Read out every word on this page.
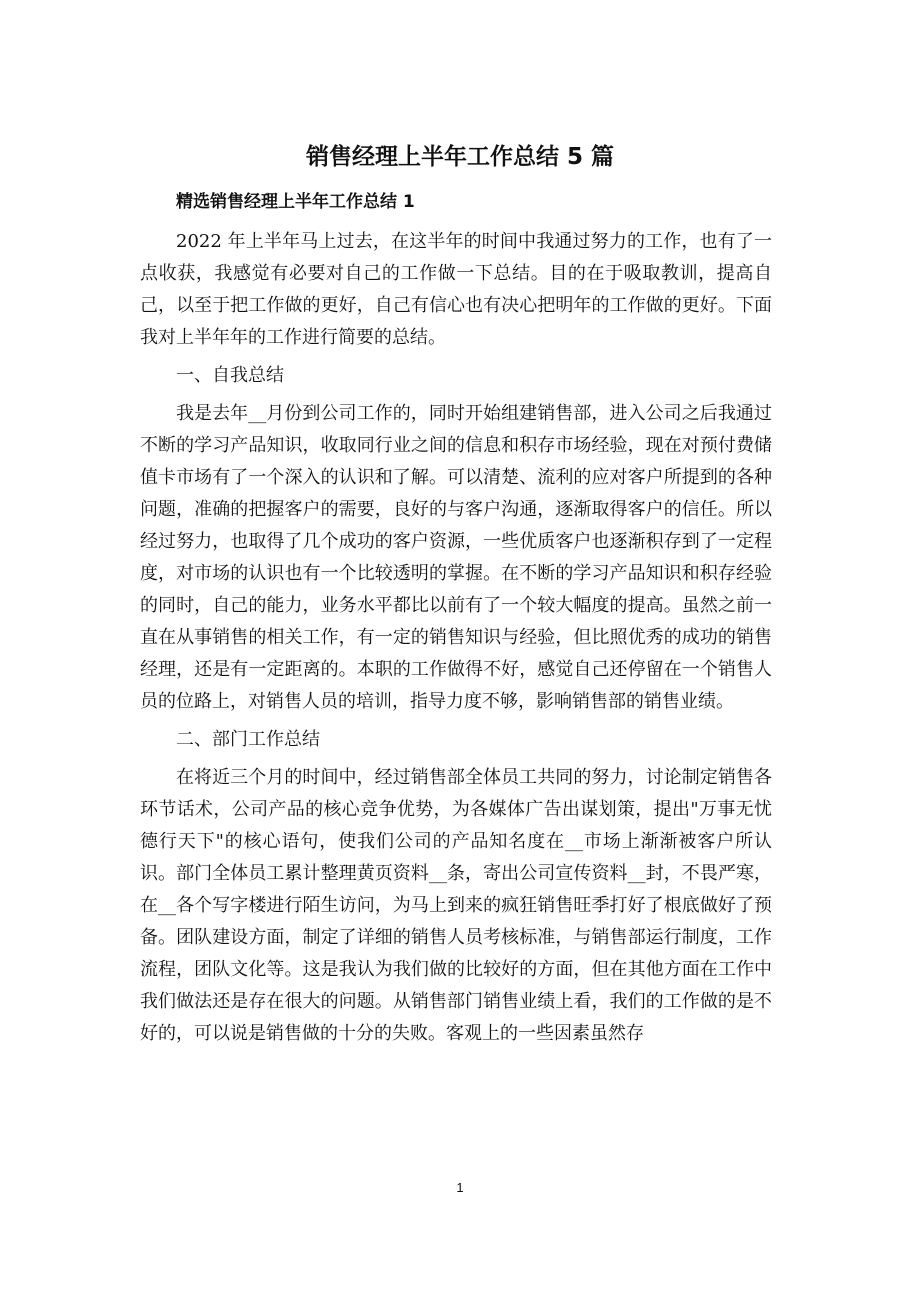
销售经理上半年工作总结 5 篇

精选销售经理上半年工作总结 1

2022 年上半年马上过去，在这半年的时间中我通过努力的工作，也有了一点收获，我感觉有必要对自己的工作做一下总结。目的在于吸取教训，提高自己，以至于把工作做的更好，自己有信心也有决心把明年的工作做的更好。下面我对上半年年的工作进行简要的总结。

一、自我总结

我是去年__月份到公司工作的，同时开始组建销售部，进入公司之后我通过不断的学习产品知识，收取同行业之间的信息和积存市场经验，现在对预付费储值卡市场有了一个深入的认识和了解。可以清楚、流利的应对客户所提到的各种问题，准确的把握客户的需要，良好的与客户沟通，逐渐取得客户的信任。所以经过努力，也取得了几个成功的客户资源，一些优质客户也逐渐积存到了一定程度，对市场的认识也有一个比较透明的掌握。在不断的学习产品知识和积存经验的同时，自己的能力，业务水平都比以前有了一个较大幅度的提高。虽然之前一直在从事销售的相关工作，有一定的销售知识与经验，但比照优秀的成功的销售经理，还是有一定距离的。本职的工作做得不好，感觉自己还停留在一个销售人员的位路上，对销售人员的培训，指导力度不够，影响销售部的销售业绩。

二、部门工作总结

在将近三个月的时间中，经过销售部全体员工共同的努力，讨论制定销售各环节话术，公司产品的核心竞争优势，为各媒体广告出谋划策，提出"万事无忧德行天下"的核心语句，使我们公司的产品知名度在__市场上渐渐被客户所认识。部门全体员工累计整理黄页资料__条，寄出公司宣传资料__封，不畏严寒，在__各个写字楼进行陌生访问，为马上到来的疯狂销售旺季打好了根底做好了预备。团队建设方面，制定了详细的销售人员考核标准，与销售部运行制度，工作流程，团队文化等。这是我认为我们做的比较好的方面，但在其他方面在工作中我们做法还是存在很大的问题。从销售部门销售业绩上看，我们的工作做的是不好的，可以说是销售做的十分的失败。客观上的一些因素虽然存

1
